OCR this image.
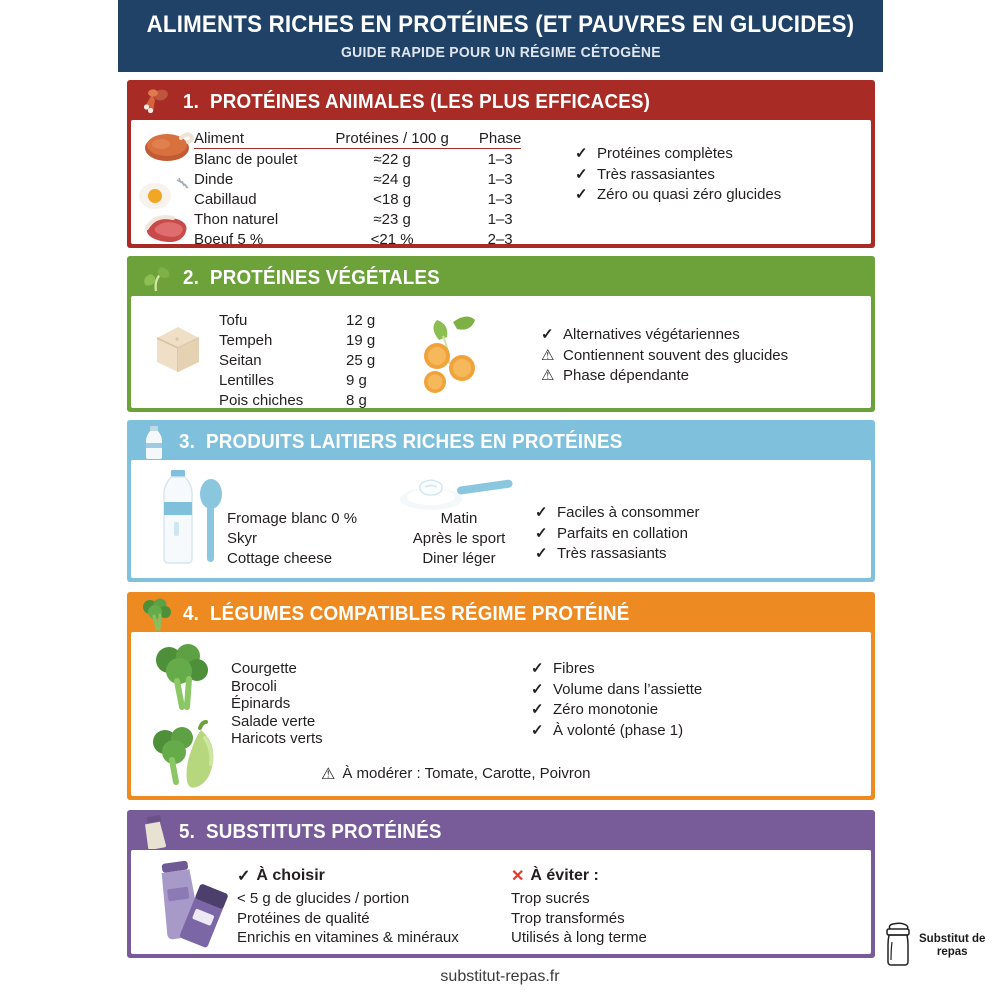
ALIMENTS RICHES EN PROTÉINES (ET PAUVRES EN GLUCIDES)
GUIDE RAPIDE POUR UN RÉGIME CÉTOGÈNE
1. PROTÉINES ANIMALES (LES PLUS EFFICACES)
Aliment	Protéines / 100 g	Phase
Blanc de poulet	≈22 g	1–3
Dinde	≈24 g	1–3
Cabillaud	<18 g	1–3
Thon naturel	≈23 g	1–3
Boeuf 5 %	<21 %	2–3
✓ Protéines complètes
✓ Très rassasiantes
✓ Zéro ou quasi zéro glucides
2. PROTÉINES VÉGÉTALES
Tofu	12 g
Tempeh	19 g
Seitan	25 g
Lentilles	9 g
Pois chiches	8 g
✓ Alternatives végétariennes
⚠ Contiennent souvent des glucides
⚠ Phase dépendante
3. PRODUITS LAITIERS RICHES EN PROTÉINES
Fromage blanc 0 %
Skyr
Cottage cheese
Matin
Après le sport
Diner léger
✓ Faciles à consommer
✓ Parfaits en collation
✓ Très rassasiants
4. LÉGUMES COMPATIBLES RÉGIME PROTÉINÉ
Courgette
Brocoli
Épinards
Salade verte
Haricots verts
✓ Fibres
✓ Volume dans l’assiette
✓ Zéro monotonie
✓ À volonté (phase 1)
⚠ À modérer : Tomate, Carotte, Poivron
5. SUBSTITUTS PROTÉINÉS
✓ À choisir
< 5 g de glucides / portion
Protéines de qualité
Enrichis en vitamines & minéraux
✕ À éviter :
Trop sucrés
Trop transformés
Utilisés à long terme
substitut-repas.fr
Substitut de
repas
